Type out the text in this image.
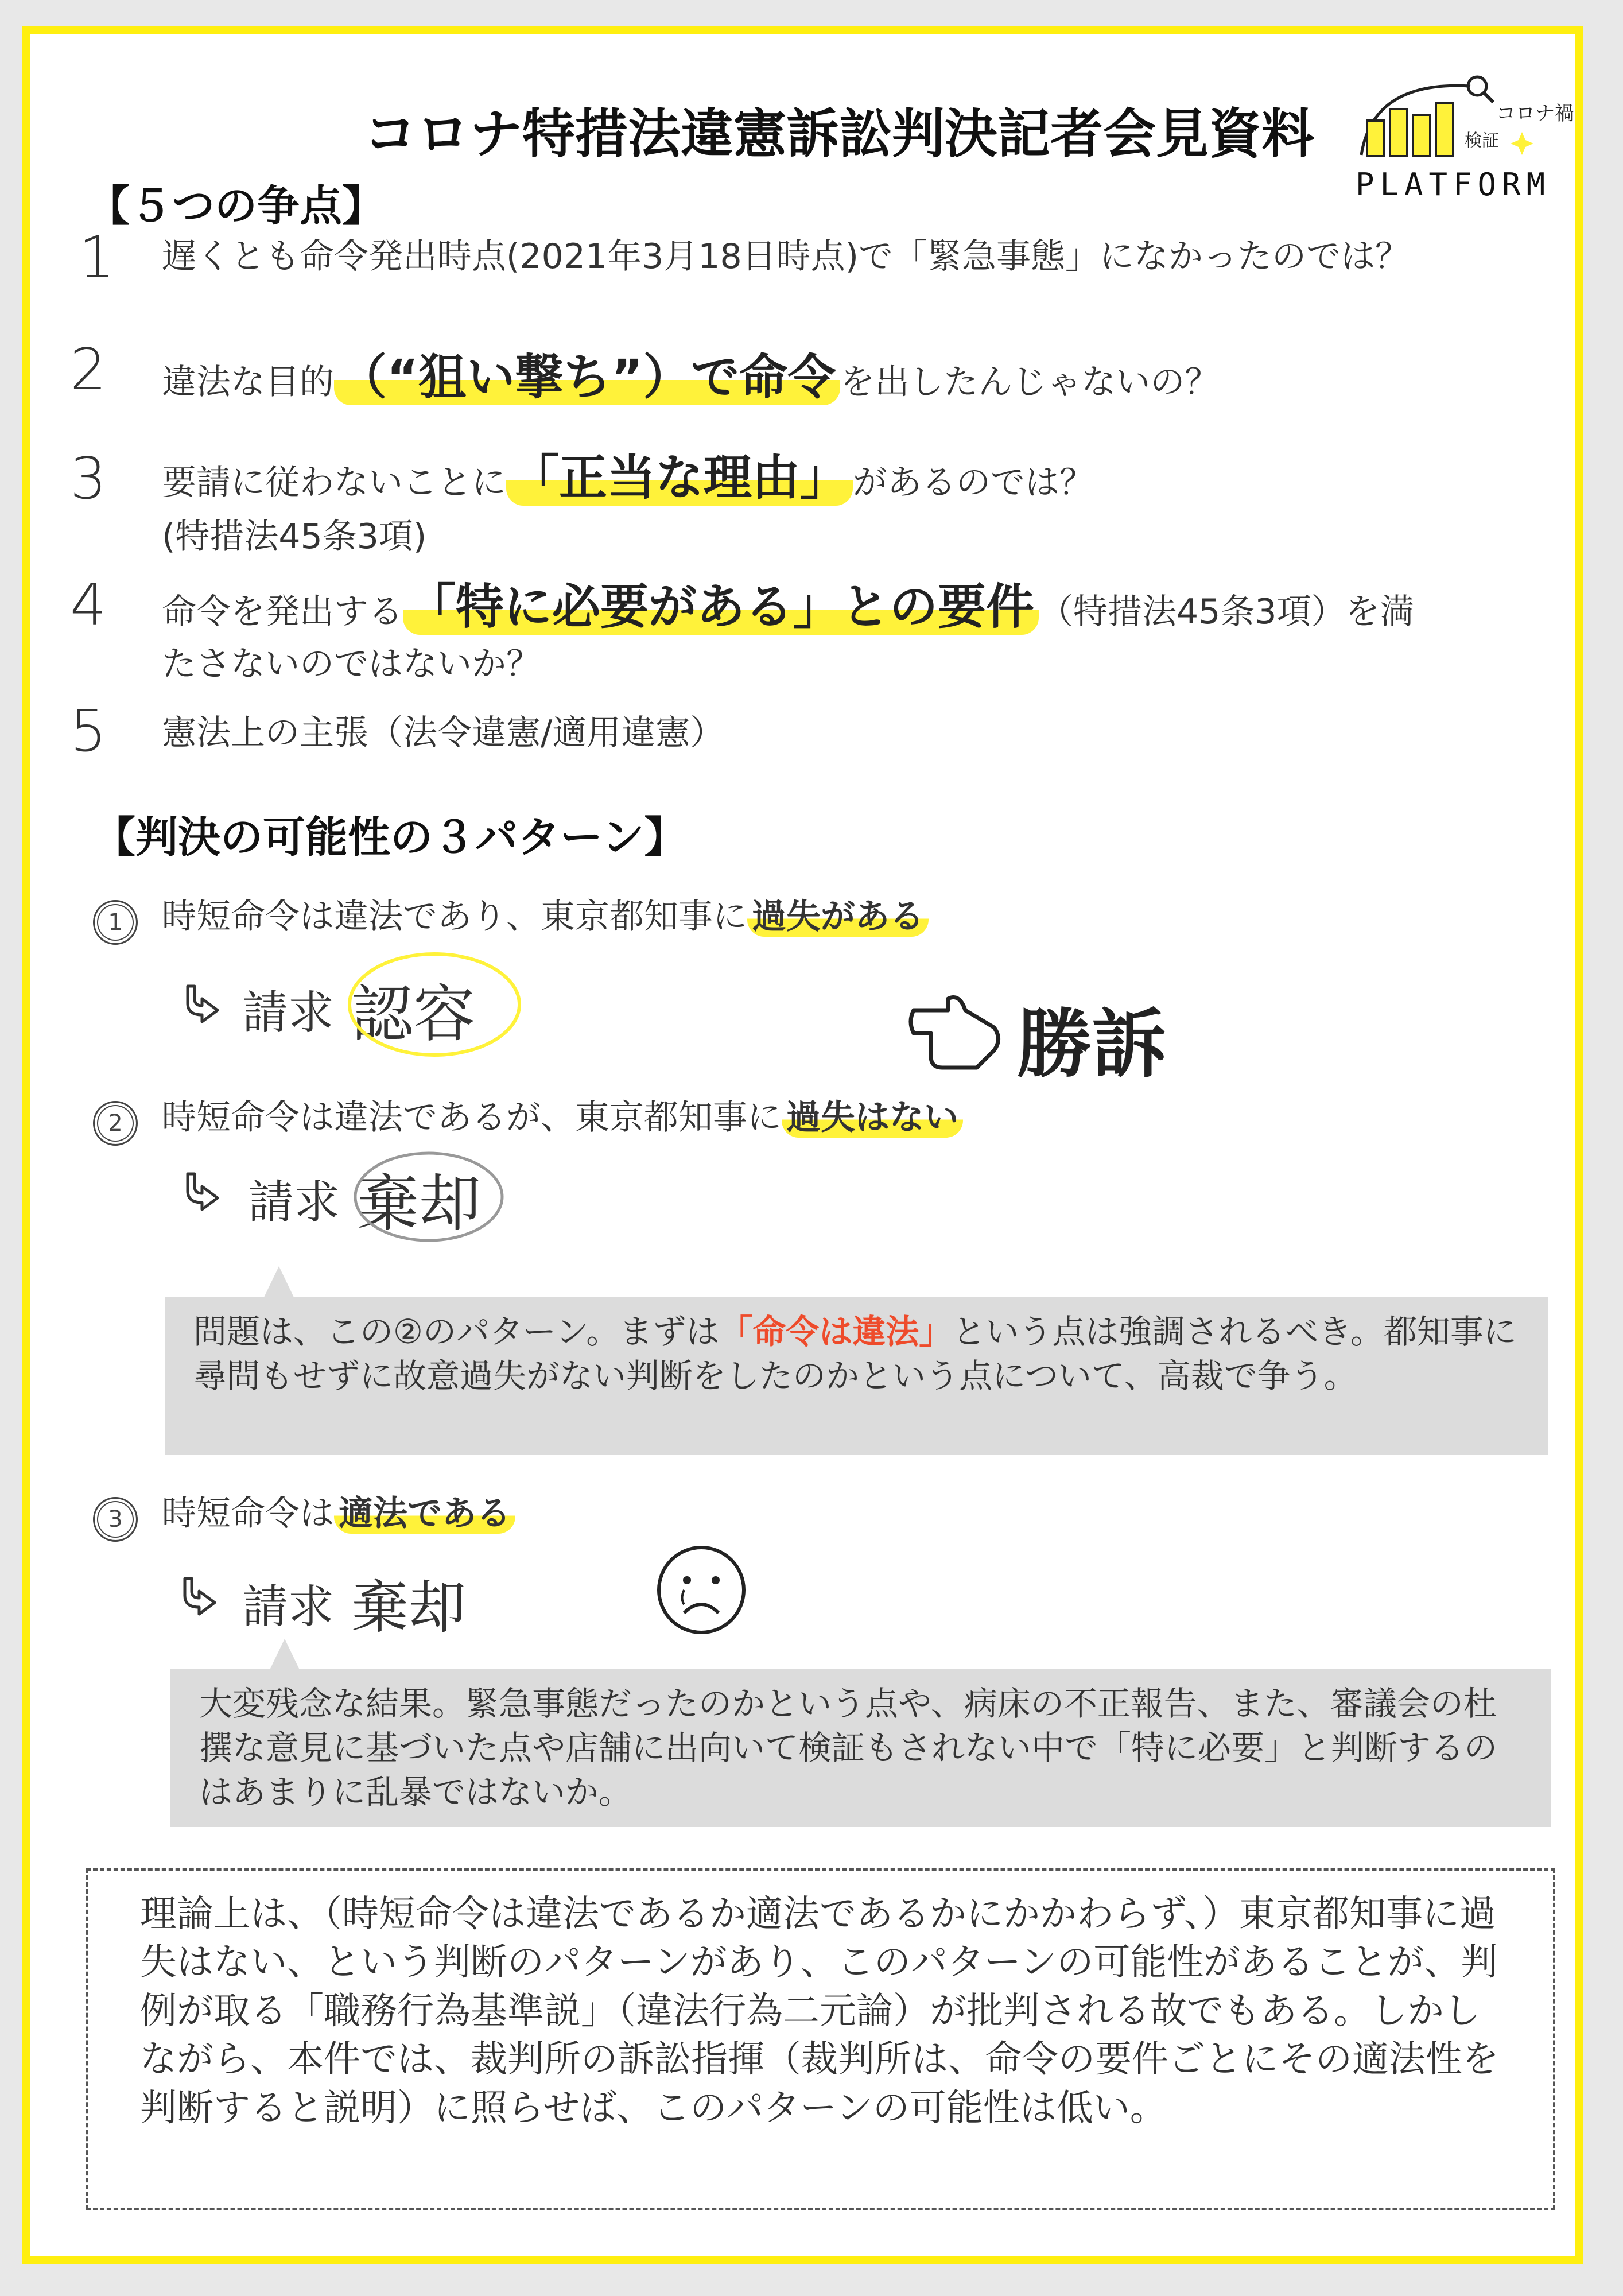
コロナ特措法違憲訴訟判決記者会見資料	コロナ禍
検証
PLATFORM
【５つの争点】
1 遅くとも命令発出時点(2021年3月18日時点)で「緊急事態」になかったのでは？
2 違法な目的（“狙い撃ち”）で命令 を出したんじゃないの？
3 要請に従わないことに「正当な理由」 があるのでは？
(特措法45条3項)
4 命令を発出する「特に必要がある」との要件 （特措法45条3項）を満
たさないのではないか？
5 憲法上の主張（法令違憲/適用違憲）
【判決の可能性の３パターン】
1	時短命令は違法であり、東京都知事に 過失がある
請求 認容	勝訴
2	時短命令は違法であるが、東京都知事に 過失はない
請求 棄却
問題は、この②のパターン。まずは「命令は違法」という点は強調されるべき。都知事に尋問もせずに故意過失がない判断をしたのかという点について、高裁で争う。
3	時短命令は 適法である
請求 棄却
大変残念な結果。緊急事態だったのかという点や、病床の不正報告、また、審議会の杜撰な意見に基づいた点や店舗に出向いて検証もされない中で「特に必要」と判断するのはあまりに乱暴ではないか。
理論上は、（時短命令は違法であるか適法であるかにかかわらず、）東京都知事に過失はない、という判断のパターンがあり、このパターンの可能性があることが、判例が取る「職務行為基準説」（違法行為二元論）が批判される故でもある。しかしながら、本件では、裁判所の訴訟指揮（裁判所は、命令の要件ごとにその適法性を判断すると説明）に照らせば、このパターンの可能性は低い。
